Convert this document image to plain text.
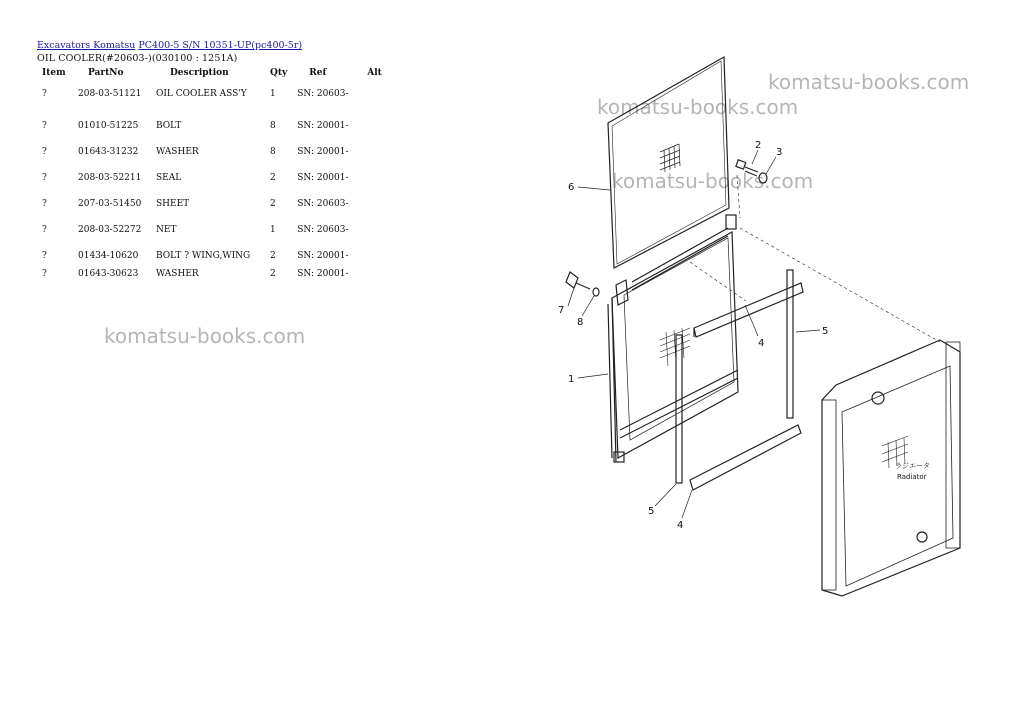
Excavators Komatsu PC400-5 S/N 10351-UP(pc400-5r)
OIL COOLER(#20603-)(030100 : 1251A)
Item	PartNo	Description	Qty	Ref	Alt
?	208-03-51121	OIL COOLER ASS'Y	1	SN: 20603-	
?	01010-51225	BOLT	8	SN: 20001-	
?	01643-31232	WASHER	8	SN: 20001-	
?	208-03-52211	SEAL	2	SN: 20001-	
?	207-03-51450	SHEET	2	SN: 20603-	
?	208-03-52272	NET	1	SN: 20603-	
?	01434-10620	BOLT ? WING,WING	2	SN: 20001-	
?	01643-30623	WASHER	2	SN: 20001-	
komatsu-books.com
komatsu-books.com
komatsu-books.com
komatsu-books.com
1
2
3
4
4
5
5
6
7
8
ラジエータ
Radiator
